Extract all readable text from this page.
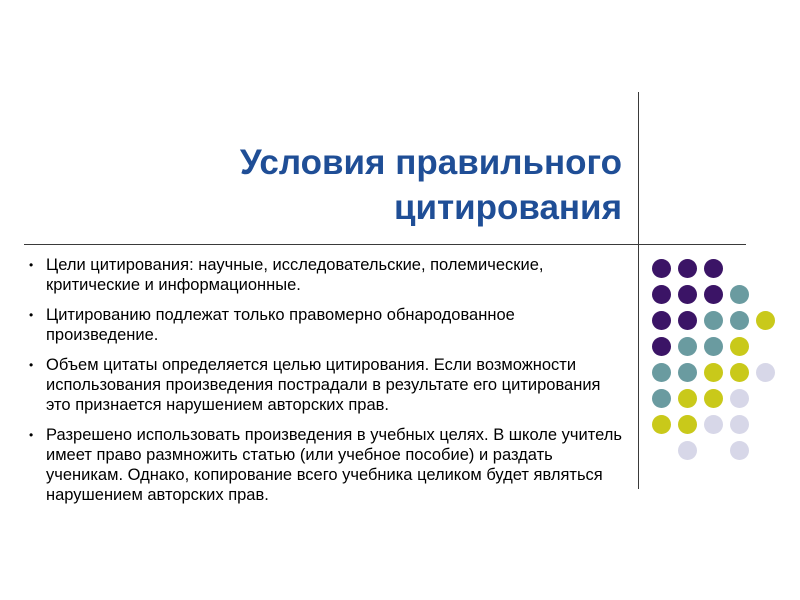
Условия правильного
цитирования
• Цели цитирования: научные, исследовательские, полемические, критические и информационные.
• Цитированию подлежат только правомерно обнародованное произведение.
• Объем цитаты определяется целью цитирования. Если возможности использования произведения пострадали в результате его цитирования это признается нарушением авторских прав.
• Разрешено использовать произведения в учебных целях. В школе учитель имеет право размножить статью (или учебное пособие) и раздать ученикам. Однако, копирование всего учебника целиком будет являться нарушением авторских прав.
